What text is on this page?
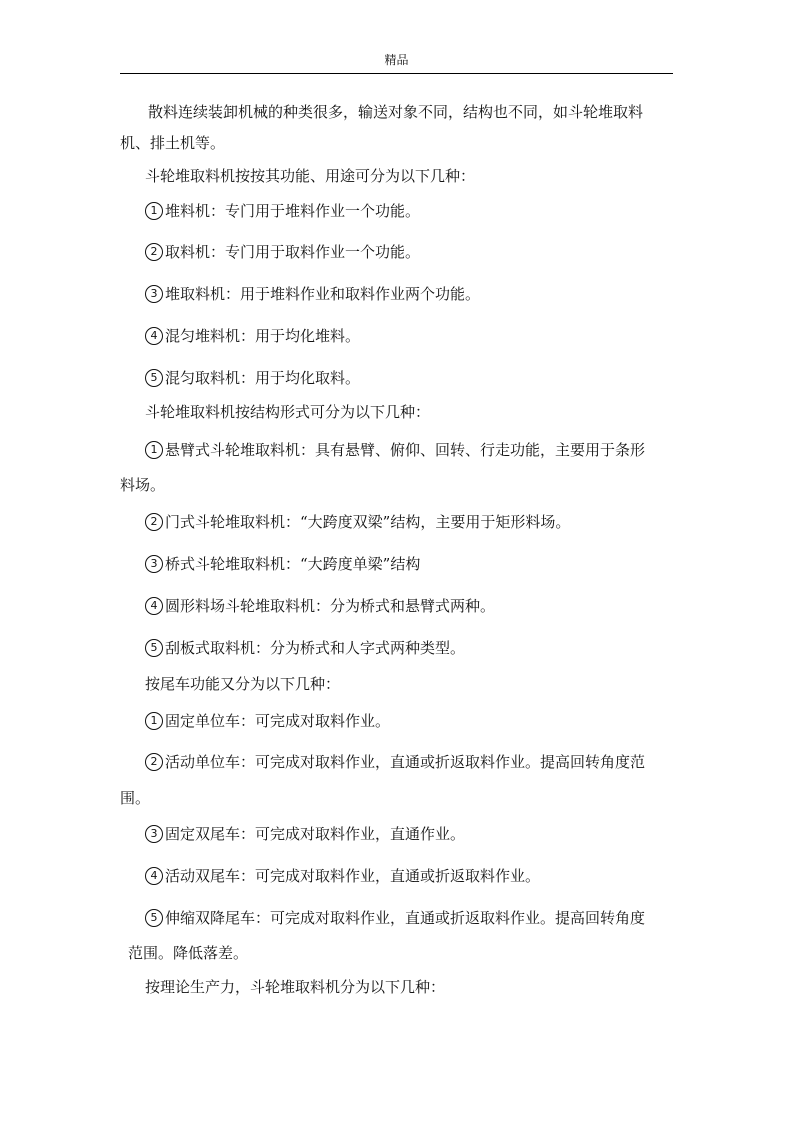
精品

散料连续装卸机械的种类很多，输送对象不同，结构也不同，如斗轮堆取料

机、排土机等。

斗轮堆取料机按按其功能、用途可分为以下几种：

1 堆料机：专门用于堆料作业一个功能。

2 取料机：专门用于取料作业一个功能。

3 堆取料机：用于堆料作业和取料作业两个功能。

4 混匀堆料机：用于均化堆料。

5 混匀取料机：用于均化取料。

斗轮堆取料机按结构形式可分为以下几种：

1 悬臂式斗轮堆取料机：具有悬臂、俯仰、回转、行走功能，主要用于条形

料场。

2 门式斗轮堆取料机：“大跨度双梁”结构，主要用于矩形料场。

3 桥式斗轮堆取料机：“大跨度单梁”结构

4 圆形料场斗轮堆取料机：分为桥式和悬臂式两种。

5 刮板式取料机：分为桥式和人字式两种类型。

按尾车功能又分为以下几种：

1 固定单位车：可完成对取料作业。

2 活动单位车：可完成对取料作业，直通或折返取料作业。提高回转角度范

围。

3 固定双尾车：可完成对取料作业，直通作业。

4 活动双尾车：可完成对取料作业，直通或折返取料作业。

5 伸缩双降尾车：可完成对取料作业，直通或折返取料作业。提高回转角度

范围。降低落差。

按理论生产力，斗轮堆取料机分为以下几种：
